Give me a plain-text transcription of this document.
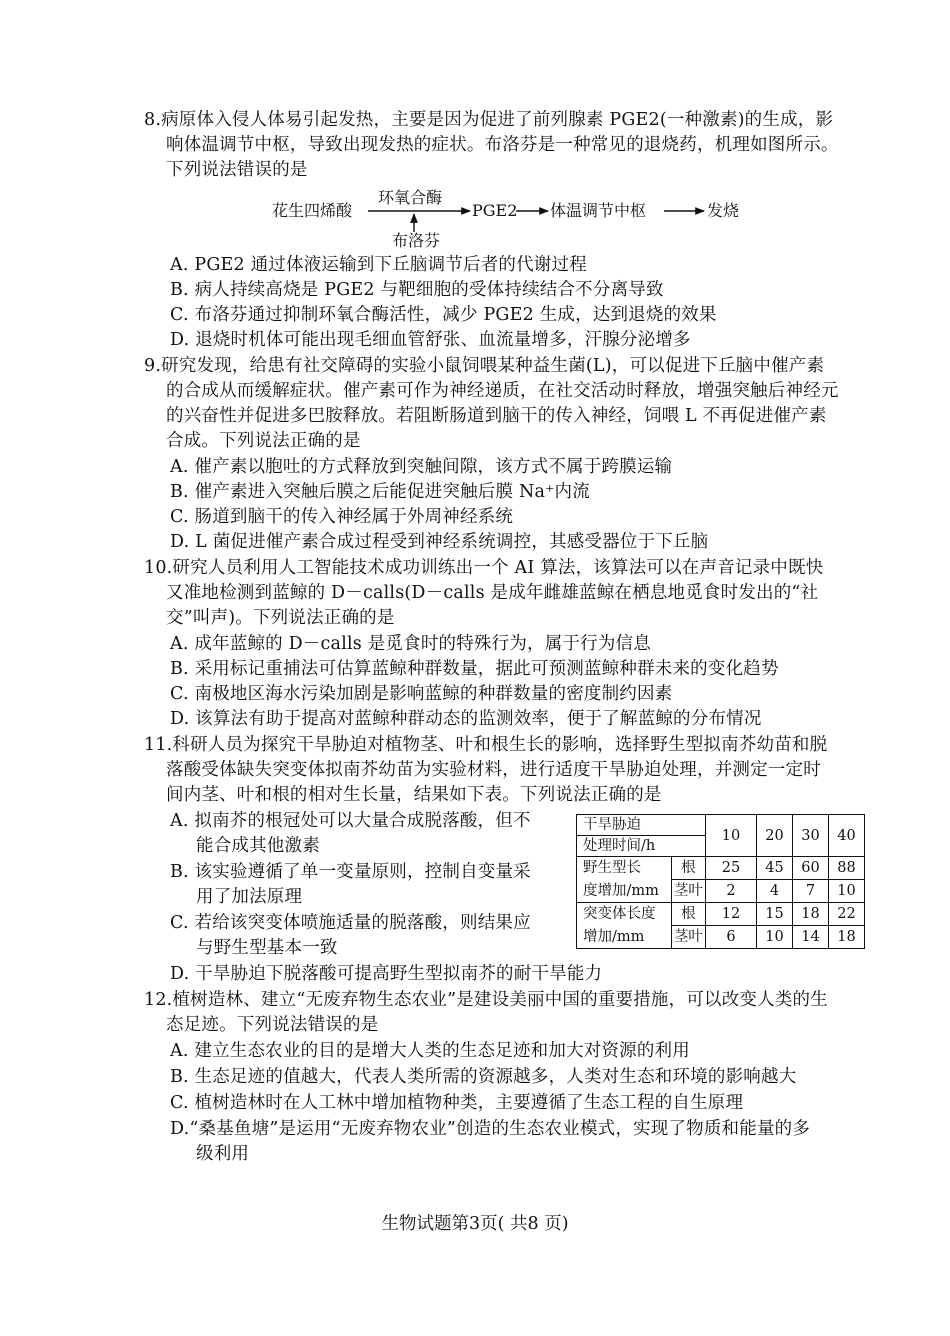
8.病原体入侵人体易引起发热，主要是因为促进了前列腺素 PGE2(一种激素)的生成，影
响体温调节中枢，导致出现发热的症状。布洛芬是一种常见的退烧药，机理如图所示。
下列说法错误的是
花生四烯酸
环氧合酶
布洛芬
PGE2 体温调节中枢	发烧
A. PGE2 通过体液运输到下丘脑调节后者的代谢过程
B. 病人持续高烧是 PGE2 与靶细胞的受体持续结合不分离导致
C. 布洛芬通过抑制环氧合酶活性，减少 PGE2 生成，达到退烧的效果
D. 退烧时机体可能出现毛细血管舒张、血流量增多，汗腺分泌增多
9.研究发现，给患有社交障碍的实验小鼠饲喂某种益生菌(L)，可以促进下丘脑中催产素
的合成从而缓解症状。催产素可作为神经递质，在社交活动时释放，增强突触后神经元
的兴奋性并促进多巴胺释放。若阻断肠道到脑干的传入神经，饲喂 L 不再促进催产素
合成。下列说法正确的是
A. 催产素以胞吐的方式释放到突触间隙，该方式不属于跨膜运输
B. 催产素进入突触后膜之后能促进突触后膜 Na⁺内流
C. 肠道到脑干的传入神经属于外周神经系统
D. L 菌促进催产素合成过程受到神经系统调控，其感受器位于下丘脑
10.研究人员利用人工智能技术成功训练出一个 AI 算法，该算法可以在声音记录中既快
又准地检测到蓝鲸的 D－calls(D－calls 是成年雌雄蓝鲸在栖息地觅食时发出的“社
交”叫声)。下列说法正确的是
A. 成年蓝鲸的 D－calls 是觅食时的特殊行为，属于行为信息
B. 采用标记重捕法可估算蓝鲸种群数量，据此可预测蓝鲸种群未来的变化趋势
C. 南极地区海水污染加剧是影响蓝鲸的种群数量的密度制约因素
D. 该算法有助于提高对蓝鲸种群动态的监测效率，便于了解蓝鲸的分布情况
11.科研人员为探究干旱胁迫对植物茎、叶和根生长的影响，选择野生型拟南芥幼苗和脱
落酸受体缺失突变体拟南芥幼苗为实验材料，进行适度干旱胁迫处理，并测定一定时
间内茎、叶和根的相对生长量，结果如下表。下列说法正确的是
A. 拟南芥的根冠处可以大量合成脱落酸，但不
能合成其他激素
B. 该实验遵循了单一变量原则，控制自变量采
用了加法原理
C. 若给该突变体喷施适量的脱落酸，则结果应
与野生型基本一致
D. 干旱胁迫下脱落酸可提高野生型拟南芥的耐干旱能力
干旱胁迫		10	20	30	40
处理时间/h					
野生型长	根	25	45	60	88
度增加/mm	茎叶	2	4	7	10
突变体长度	根	12	15	18	22
增加/mm	茎叶	6	10	14	18
12.植树造林、建立“无废弃物生态农业”是建设美丽中国的重要措施，可以改变人类的生
态足迹。下列说法错误的是
A. 建立生态农业的目的是增大人类的生态足迹和加大对资源的利用
B. 生态足迹的值越大，代表人类所需的资源越多，人类对生态和环境的影响越大
C. 植树造林时在人工林中增加植物种类，主要遵循了生态工程的自生原理
D.“桑基鱼塘”是运用“无废弃物农业”创造的生态农业模式，实现了物质和能量的多
级利用
生物试题第3页( 共8 页)
